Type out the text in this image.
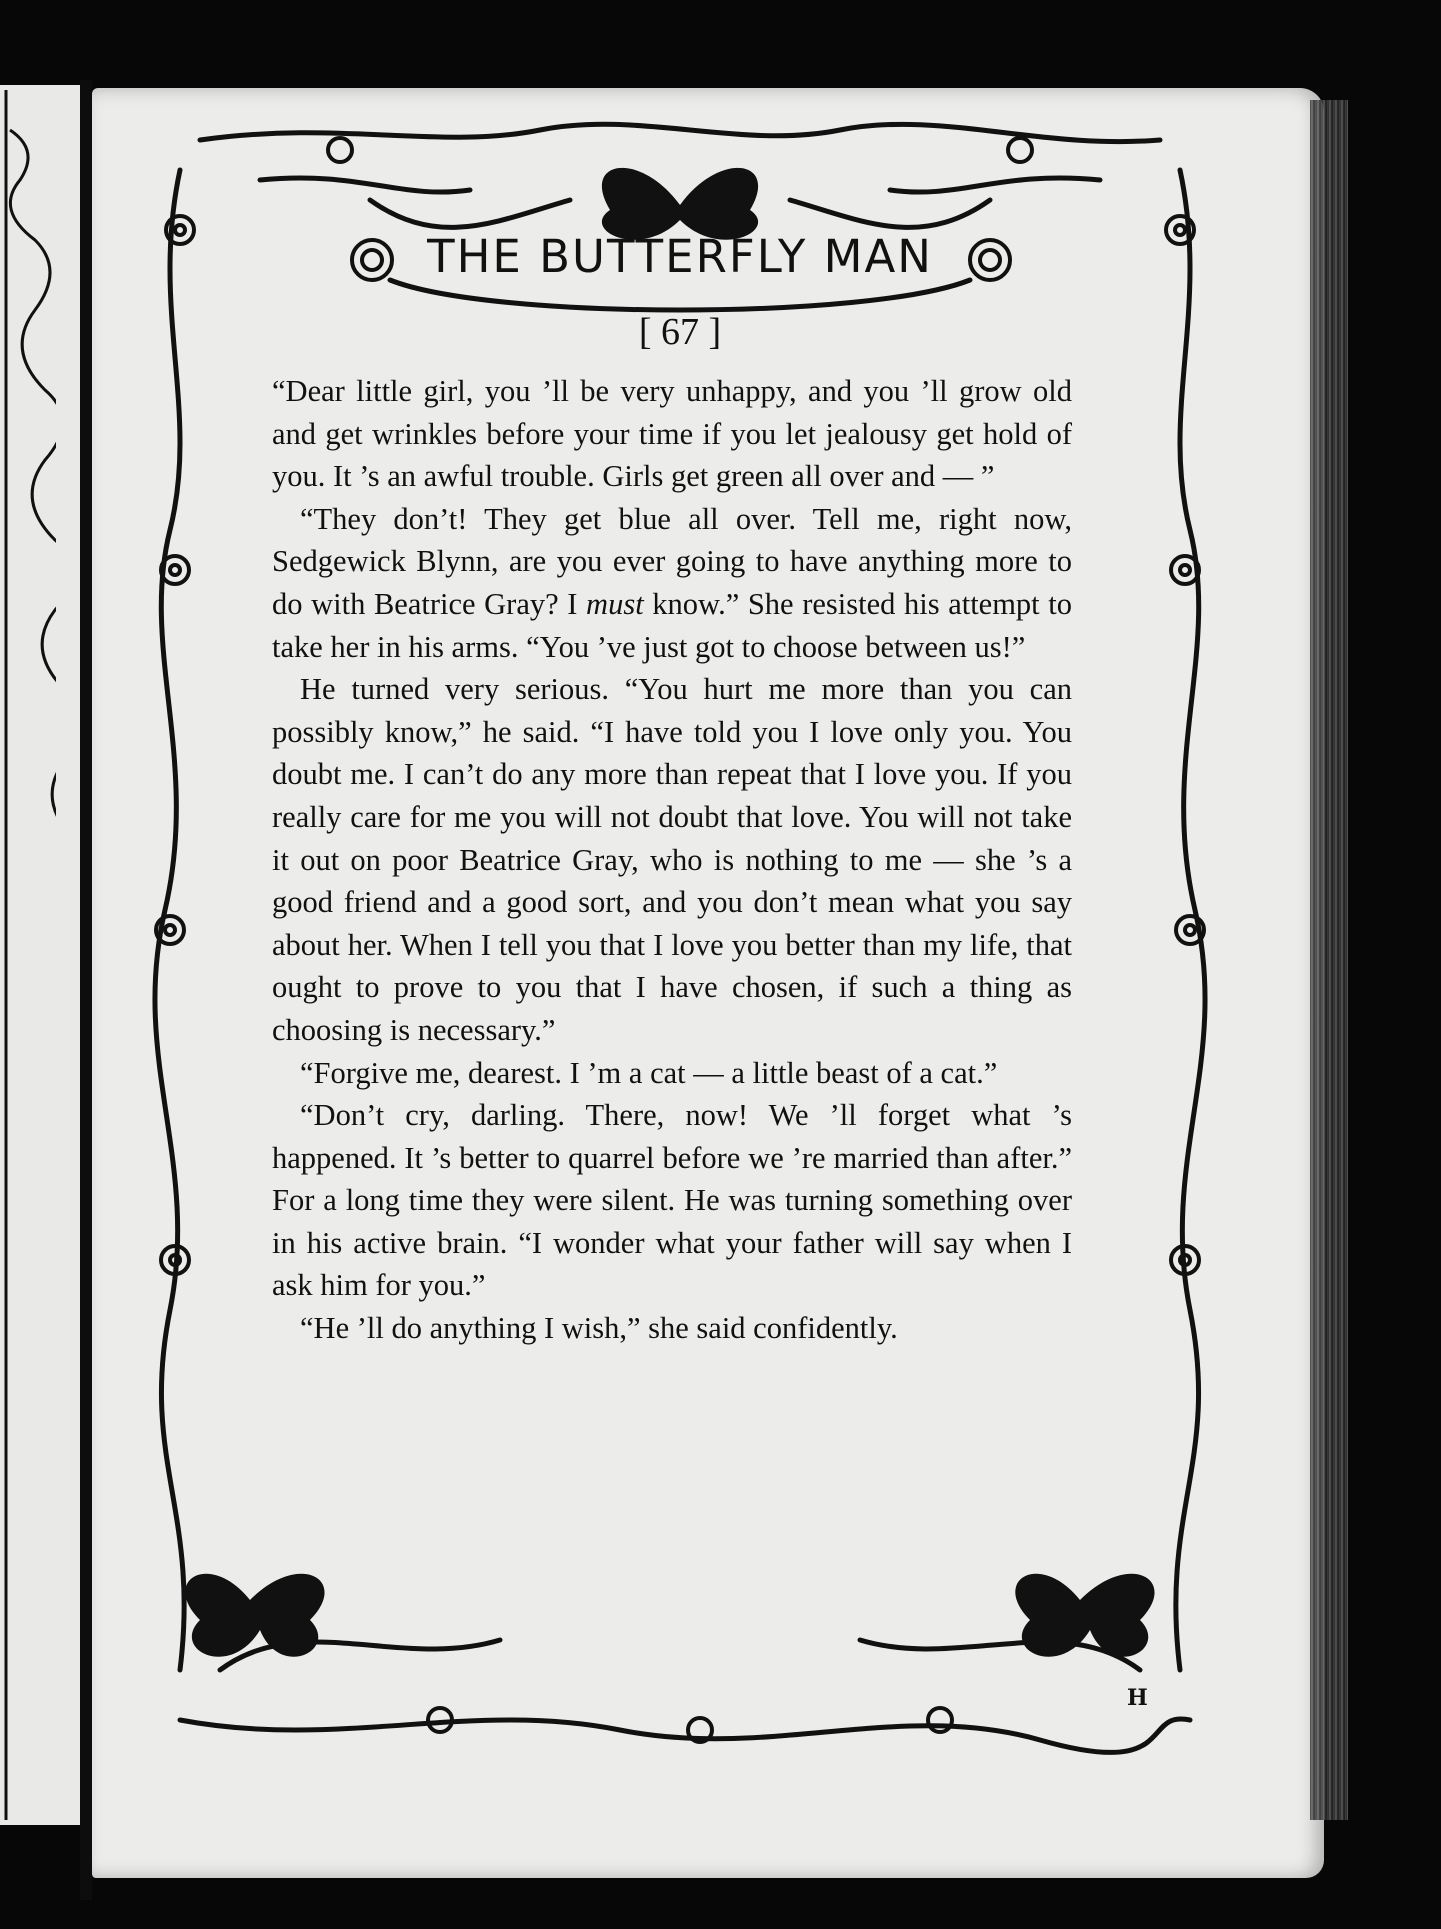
THE BUTTERFLY MAN
[ 67 ]

“Dear little girl, you ’ll be very unhappy, and you ’ll grow old and get wrinkles before your time if you let jealousy get hold of you. It ’s an awful trouble. Girls get green all over and — ”

“They don’t! They get blue all over. Tell me, right now, Sedgewick Blynn, are you ever going to have anything more to do with Beatrice Gray? I must know.” She resisted his attempt to take her in his arms. “You ’ve just got to choose between us!”

He turned very serious. “You hurt me more than you can possibly know,” he said. “I have told you I love only you. You doubt me. I can’t do any more than repeat that I love you. If you really care for me you will not doubt that love. You will not take it out on poor Beatrice Gray, who is nothing to me — she ’s a good friend and a good sort, and you don’t mean what you say about her. When I tell you that I love you better than my life, that ought to prove to you that I have chosen, if such a thing as choosing is necessary.”

“Forgive me, dearest. I ’m a cat — a little beast of a cat.”

“Don’t cry, darling. There, now! We ’ll forget what ’s happened. It ’s better to quarrel before we ’re married than after.” For a long time they were silent. He was turning something over in his active brain. “I wonder what your father will say when I ask him for you.”

“He ’ll do anything I wish,” she said confidently.

H
